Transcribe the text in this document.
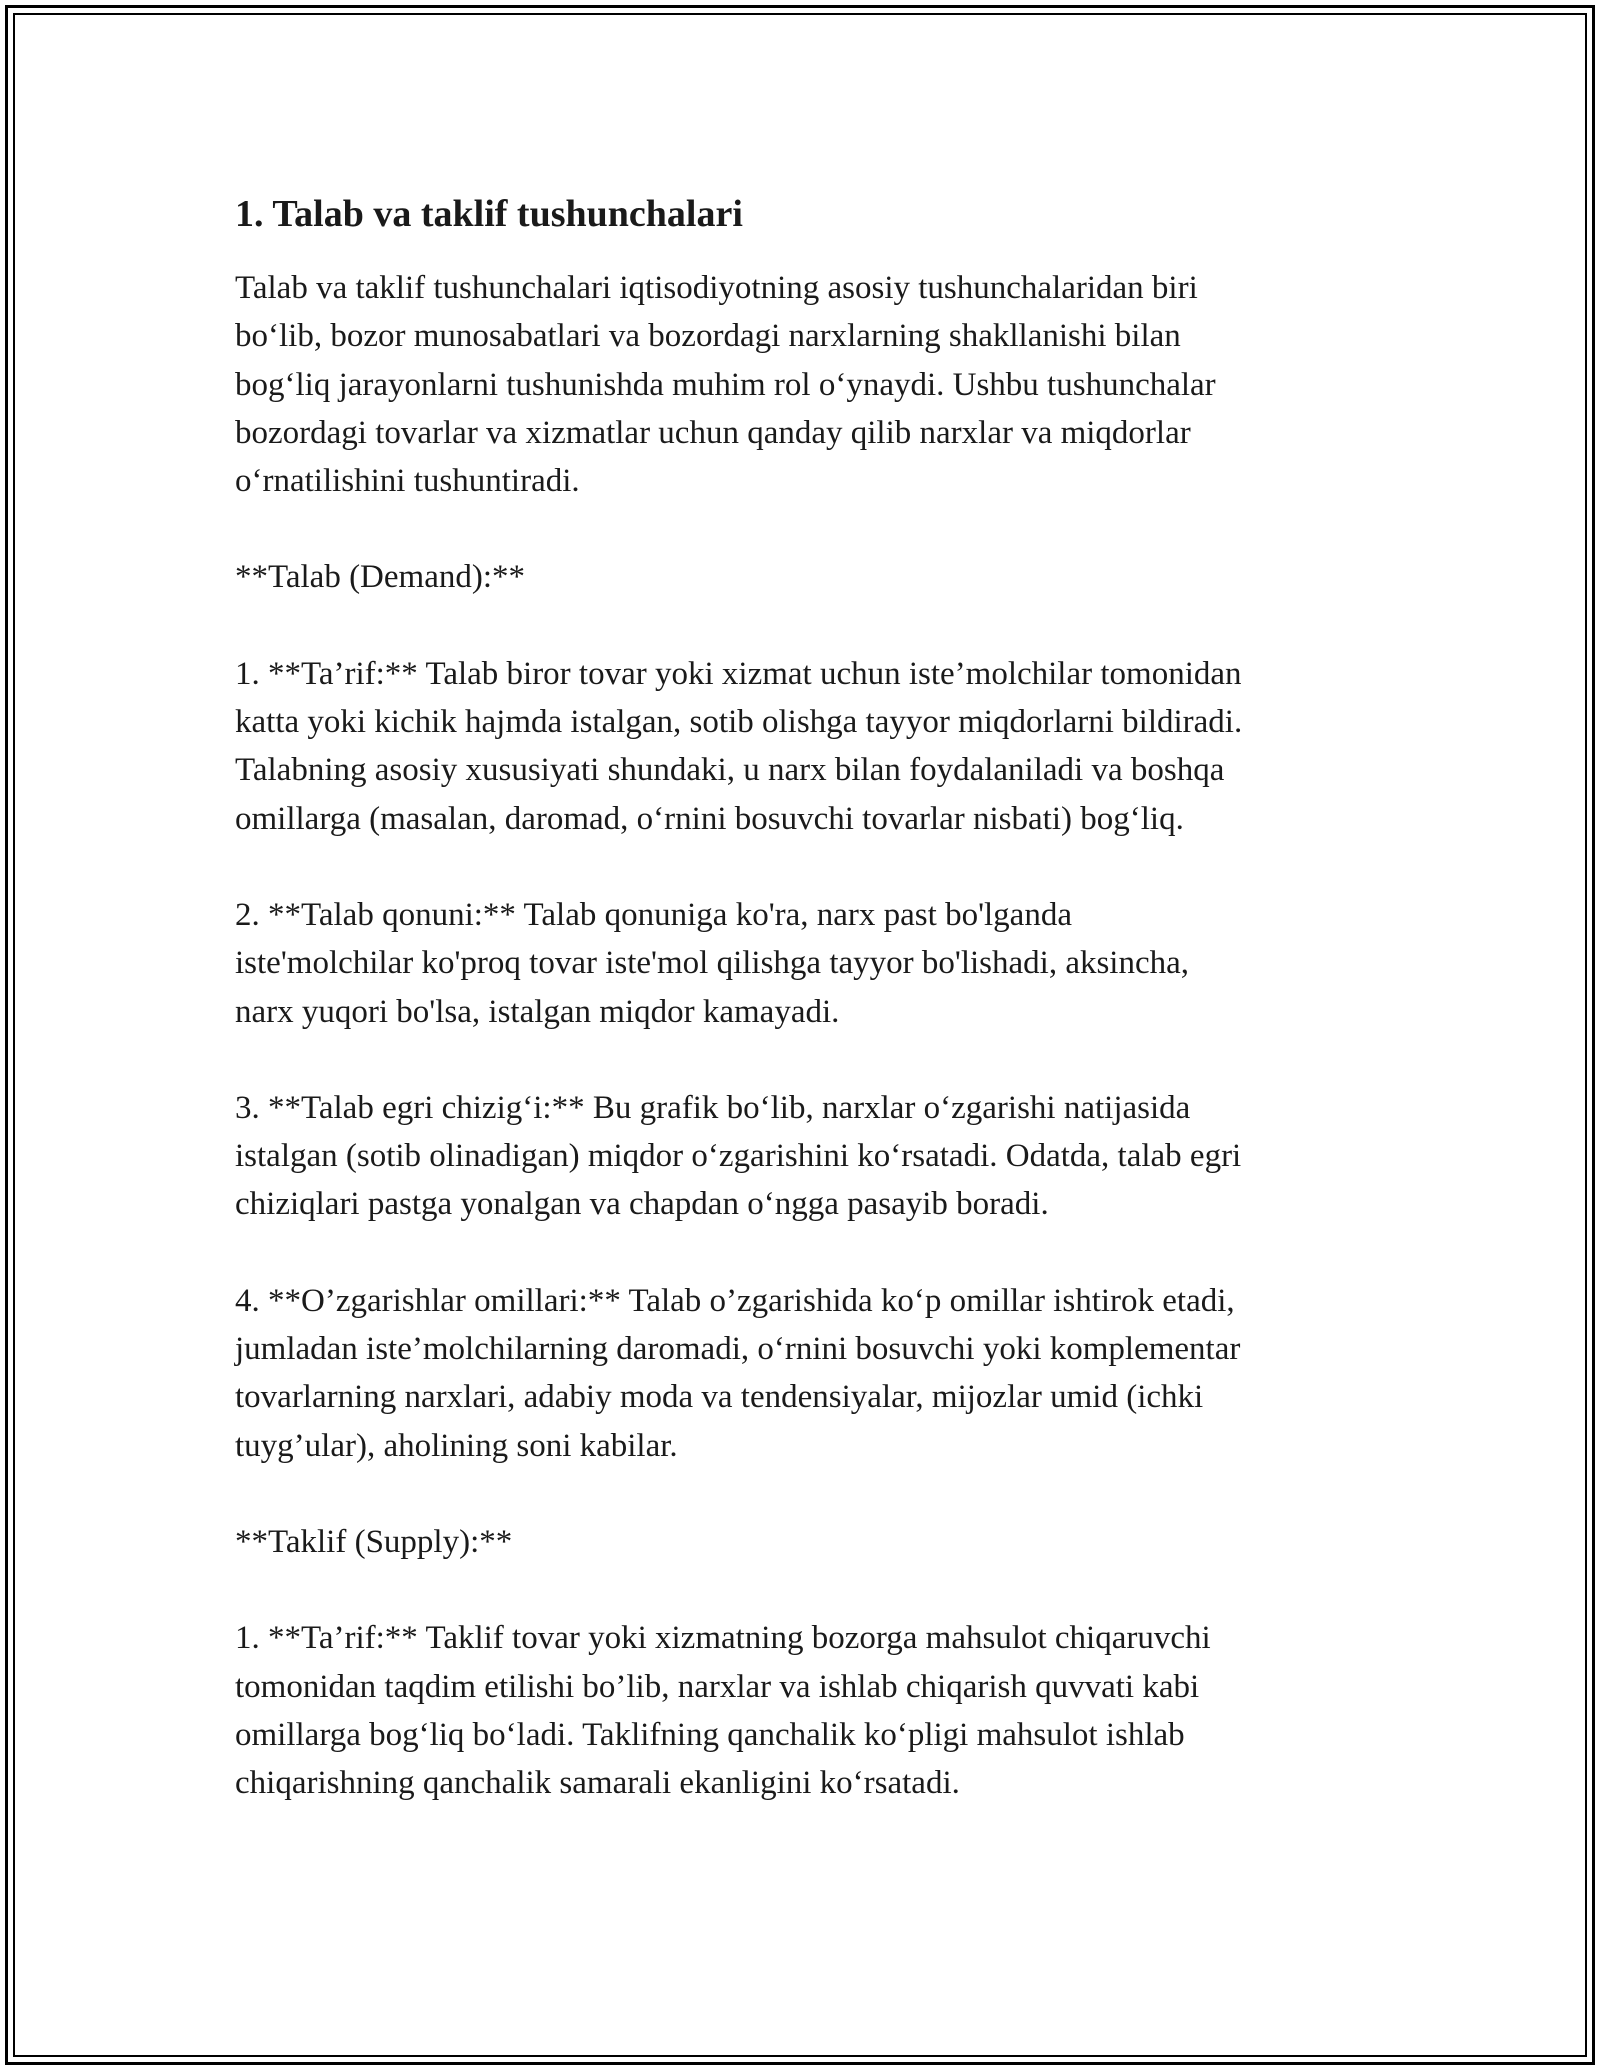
1. Talab va taklif tushunchalari

Talab va taklif tushunchalari iqtisodiyotning asosiy tushunchalaridan biri
boʻlib, bozor munosabatlari va bozordagi narxlarning shakllanishi bilan
bogʻliq jarayonlarni tushunishda muhim rol oʻynaydi. Ushbu tushunchalar
bozordagi tovarlar va xizmatlar uchun qanday qilib narxlar va miqdorlar
oʻrnatilishini tushuntiradi.

**Talab (Demand):**

1. **Ta’rif:** Talab biror tovar yoki xizmat uchun iste’molchilar tomonidan
katta yoki kichik hajmda istalgan, sotib olishga tayyor miqdorlarni bildiradi.
Talabning asosiy xususiyati shundaki, u narx bilan foydalaniladi va boshqa
omillarga (masalan, daromad, oʻrnini bosuvchi tovarlar nisbati) bogʻliq.

2. **Talab qonuni:** Talab qonuniga ko'ra, narx past bo'lganda
iste'molchilar ko'proq tovar iste'mol qilishga tayyor bo'lishadi, aksincha,
narx yuqori bo'lsa, istalgan miqdor kamayadi.

3. **Talab egri chizigʻi:** Bu grafik boʻlib, narxlar oʻzgarishi natijasida
istalgan (sotib olinadigan) miqdor oʻzgarishini koʻrsatadi. Odatda, talab egri
chiziqlari pastga yonalgan va chapdan oʻngga pasayib boradi.

4. **O’zgarishlar omillari:** Talab o’zgarishida koʻp omillar ishtirok etadi,
jumladan iste’molchilarning daromadi, oʻrnini bosuvchi yoki komplementar
tovarlarning narxlari, adabiy moda va tendensiyalar, mijozlar umid (ichki
tuyg’ular), aholining soni kabilar.

**Taklif (Supply):**

1. **Ta’rif:** Taklif tovar yoki xizmatning bozorga mahsulot chiqaruvchi
tomonidan taqdim etilishi bo’lib, narxlar va ishlab chiqarish quvvati kabi
omillarga bogʻliq boʻladi. Taklifning qanchalik koʻpligi mahsulot ishlab
chiqarishning qanchalik samarali ekanligini koʻrsatadi.
